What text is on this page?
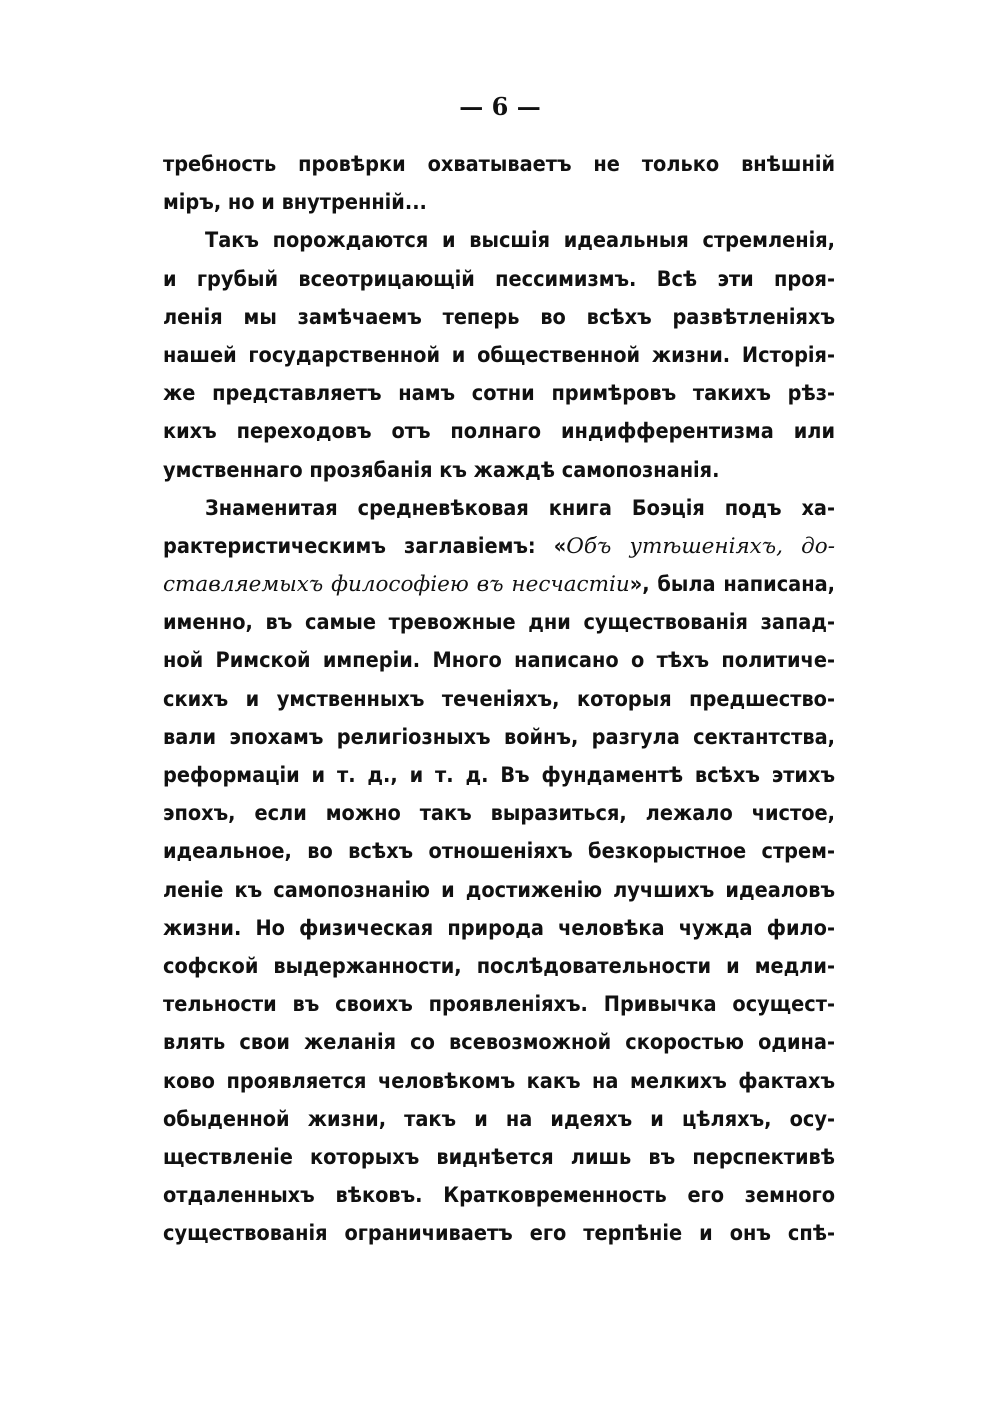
— 6 —
требность провѣрки охватываетъ не только внѣшній
міръ, но и внутренній...
Такъ порождаются и высшія идеальныя стремленія,
и грубый всеотрицающій пессимизмъ. Всѣ эти проя-
ленія мы замѣчаемъ теперь во всѣхъ развѣтленіяхъ
нашей государственной и общественной жизни. Исторія-
же представляетъ намъ сотни примѣровъ такихъ рѣз-
кихъ переходовъ отъ полнаго индифферентизма или
умственнаго прозябанія къ жаждѣ самопознанія.
Знаменитая средневѣковая книга Боэція подъ ха-
рактеристическимъ заглавіемъ: «Объ утѣшеніяхъ, до-
ставляемыхъ философіею въ несчастіи», была написана,
именно, въ самые тревожные дни существованія запад-
ной Римской имперіи. Много написано о тѣхъ политиче-
скихъ и умственныхъ теченіяхъ, которыя предшество-
вали эпохамъ религіозныхъ войнъ, разгула сектантства,
реформаціи и т. д., и т. д. Въ фундаментѣ всѣхъ этихъ
эпохъ, если можно такъ выразиться, лежало чистое,
идеальное, во всѣхъ отношеніяхъ безкорыстное стрем-
леніе къ самопознанію и достиженію лучшихъ идеаловъ
жизни. Но физическая природа человѣка чужда фило-
софской выдержанности, послѣдовательности и медли-
тельности въ своихъ проявленіяхъ. Привычка осущест-
влять свои желанія со всевозможной скоростью одина-
ково проявляется человѣкомъ какъ на мелкихъ фактахъ
обыденной жизни, такъ и на идеяхъ и цѣляхъ, осу-
ществленіе которыхъ виднѣется лишь въ перспективѣ
отдаленныхъ вѣковъ. Кратковременность его земного
существованія ограничиваетъ его терпѣніе и онъ спѣ-
